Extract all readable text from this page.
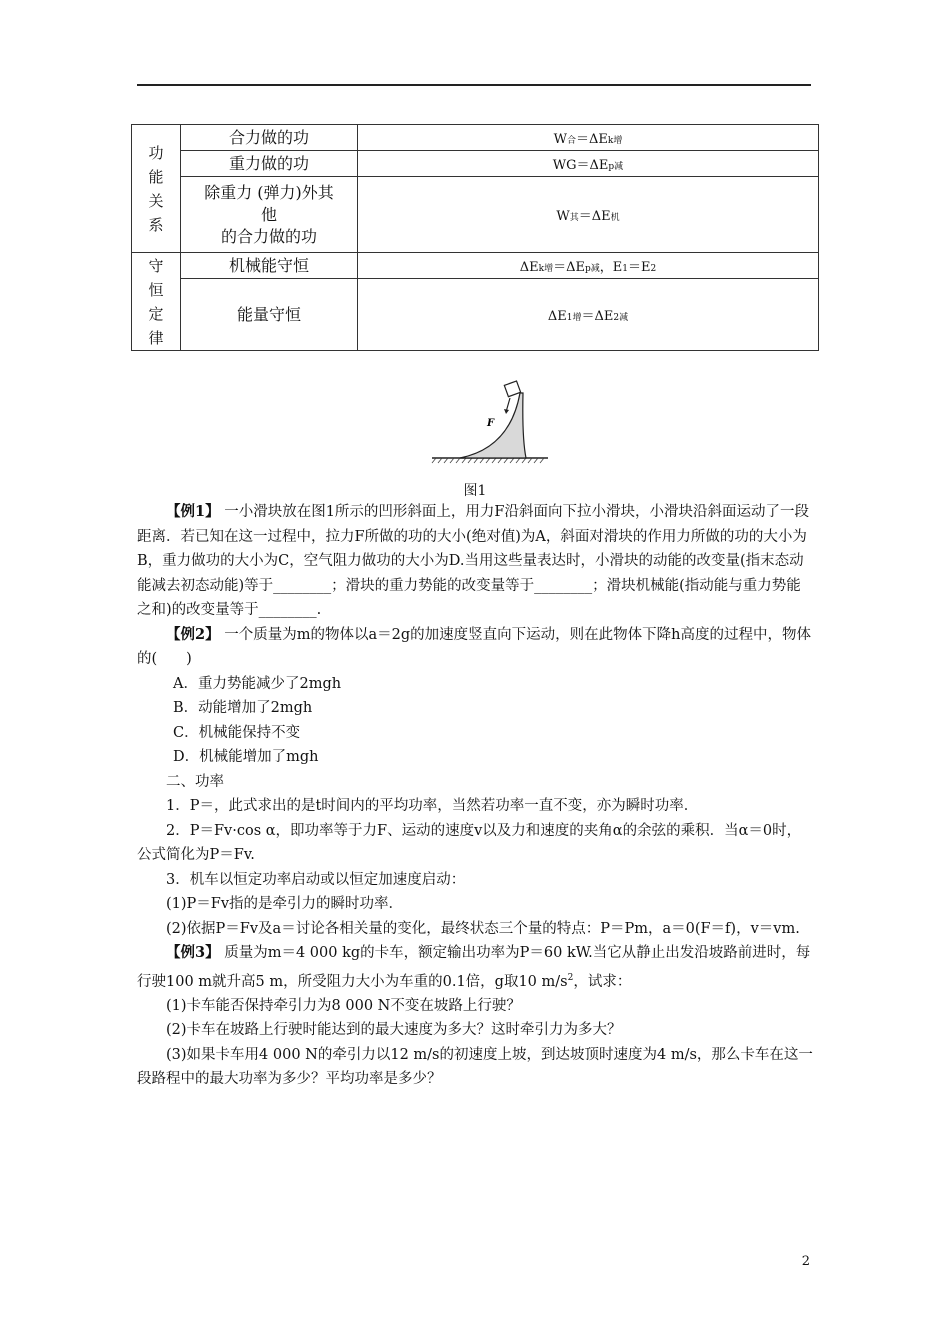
功能关系	合力做的功	W合＝ΔEk增
	重力做的功	WG＝ΔEp减
	除重力 (弹力)外其
他
的合力做的功	W其＝ΔE机
守恒定律	机械能守恒	ΔEk增＝ΔEp减，E1＝E2
	能量守恒	ΔE1增＝ΔE2减
F
图1

【例1】 一小滑块放在图1所示的凹形斜面上，用力F沿斜面向下拉小滑块，小滑块沿斜面运动了一段距离．若已知在这一过程中，拉力F所做的功的大小(绝对值)为A，斜面对滑块的作用力所做的功的大小为B，重力做功的大小为C，空气阻力做功的大小为D.当用这些量表达时，小滑块的动能的改变量(指末态动能减去初态动能)等于________；滑块的重力势能的改变量等于________；滑块机械能(指动能与重力势能之和)的改变量等于________.

【例2】 一个质量为m的物体以a＝2g的加速度竖直向下运动，则在此物体下降h高度的过程中，物体的(　　)

A．重力势能减少了2mgh

B．动能增加了2mgh

C．机械能保持不变

D．机械能增加了mgh

二、功率

1．P＝，此式求出的是t时间内的平均功率，当然若功率一直不变，亦为瞬时功率．

2．P＝Fv·cos α，即功率等于力F、运动的速度v以及力和速度的夹角α的余弦的乘积．当α＝0时，公式简化为P＝Fv.

3．机车以恒定功率启动或以恒定加速度启动：

(1)P＝Fv指的是牵引力的瞬时功率．

(2)依据P＝Fv及a＝讨论各相关量的变化，最终状态三个量的特点：P＝Pm，a＝0(F＝f)，v＝vm.

【例3】 质量为m＝4 000 kg的卡车，额定输出功率为P＝60 kW.当它从静止出发沿坡路前进时，每行驶100 m就升高5 m，所受阻力大小为车重的0.1倍，g取10 $m/s^2$，试求：

(1)卡车能否保持牵引力为8 000 N不变在坡路上行驶？

(2)卡车在坡路上行驶时能达到的最大速度为多大？这时牵引力为多大？

(3)如果卡车用4 000 N的牵引力以12 m/s的初速度上坡，到达坡顶时速度为4 m/s，那么卡车在这一段路程中的最大功率为多少？平均功率是多少？

2
